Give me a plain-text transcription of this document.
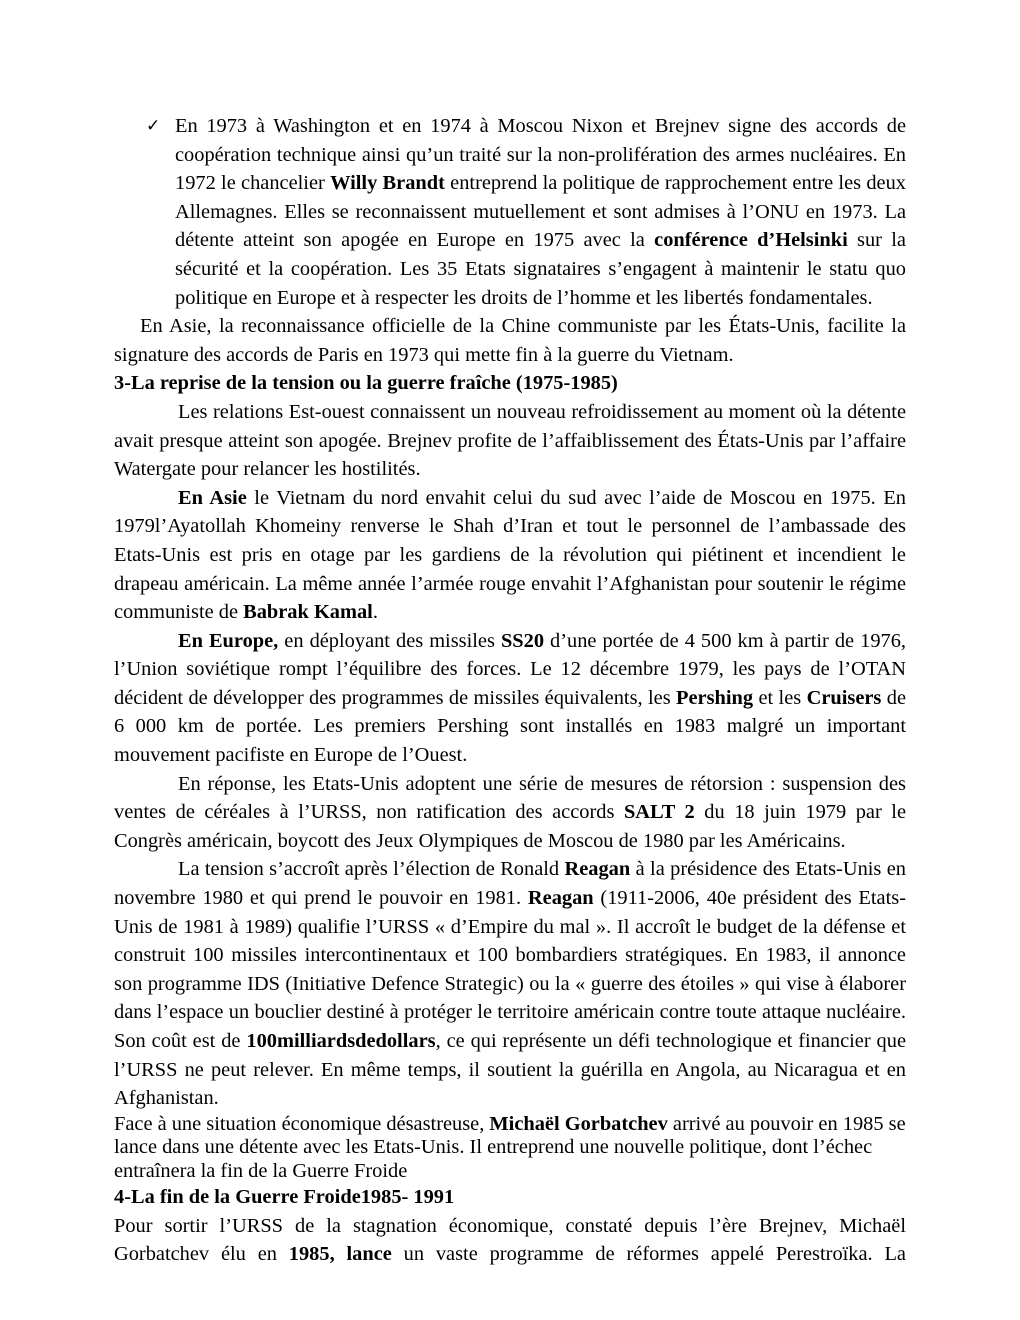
✓ En 1973 à Washington et en 1974 à Moscou Nixon et Brejnev signe des accords de coopération technique ainsi qu’un traité sur la non-prolifération des armes nucléaires. En 1972 le chancelier Willy Brandt entreprend la politique de rapprochement entre les deux Allemagnes. Elles se reconnaissent mutuellement et sont admises à l’ONU en 1973. La détente atteint son apogée en Europe en 1975 avec la conférence d’Helsinki sur la sécurité et la coopération. Les 35 Etats signataires s’engagent à maintenir le statu quo politique en Europe et à respecter les droits de l’homme et les libertés fondamentales.

En Asie, la reconnaissance officielle de la Chine communiste par les États-Unis, facilite la signature des accords de Paris en 1973 qui mette fin à la guerre du Vietnam.

3-La reprise de la tension ou la guerre fraîche (1975-1985)

Les relations Est-ouest connaissent un nouveau refroidissement au moment où la détente avait presque atteint son apogée. Brejnev profite de l’affaiblissement des États-Unis par l’affaire Watergate pour relancer les hostilités.

En Asie le Vietnam du nord envahit celui du sud avec l’aide de Moscou en 1975. En 1979l’Ayatollah Khomeiny renverse le Shah d’Iran et tout le personnel de l’ambassade des Etats-Unis est pris en otage par les gardiens de la révolution qui piétinent et incendient le drapeau américain. La même année l’armée rouge envahit l’Afghanistan pour soutenir le régime communiste de Babrak Kamal.

En Europe, en déployant des missiles SS20 d’une portée de 4 500 km à partir de 1976, l’Union soviétique rompt l’équilibre des forces. Le 12 décembre 1979, les pays de l’OTAN décident de développer des programmes de missiles équivalents, les Pershing et les Cruisers de 6 000 km de portée. Les premiers Pershing sont installés en 1983 malgré un important mouvement pacifiste en Europe de l’Ouest.

En réponse, les Etats-Unis adoptent une série de mesures de rétorsion : suspension des ventes de céréales à l’URSS, non ratification des accords SALT 2 du 18 juin 1979 par le Congrès américain, boycott des Jeux Olympiques de Moscou de 1980 par les Américains.

La tension s’accroît après l’élection de Ronald Reagan à la présidence des Etats-Unis en novembre 1980 et qui prend le pouvoir en 1981. Reagan (1911-2006, 40e président des Etats-Unis de 1981 à 1989) qualifie l’URSS « d’Empire du mal ». Il accroît le budget de la défense et construit 100 missiles intercontinentaux et 100 bombardiers stratégiques. En 1983, il annonce son programme IDS (Initiative Defence Strategic) ou la « guerre des étoiles » qui vise à élaborer dans l’espace un bouclier destiné à protéger le territoire américain contre toute attaque nucléaire. Son coût est de 100milliardsdedollars, ce qui représente un défi technologique et financier que l’URSS ne peut relever. En même temps, il soutient la guérilla en Angola, au Nicaragua et en Afghanistan.

Face à une situation économique désastreuse, Michaël Gorbatchev arrivé au pouvoir en 1985 se lance dans une détente avec les Etats-Unis. Il entreprend une nouvelle politique, dont l’échec entraînera la fin de la Guerre Froide

4-La fin de la Guerre Froide1985- 1991

Pour sortir l’URSS de la stagnation économique, constaté depuis l’ère Brejnev, Michaël Gorbatchev élu en 1985, lance un vaste programme de réformes appelé Perestroïka. La
